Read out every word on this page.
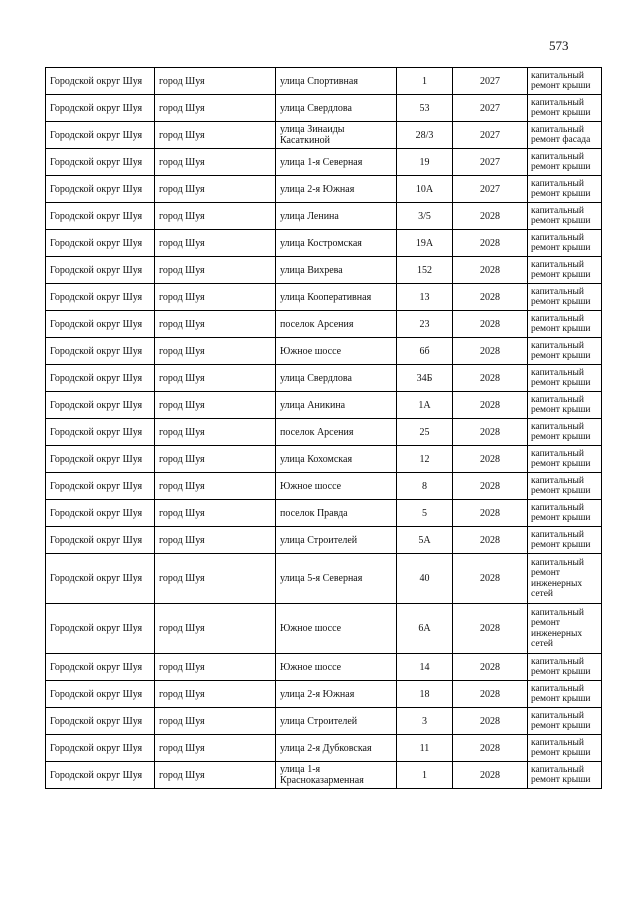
573
Городской округ Шуя	город Шуя	улица Спортивная	1	2027	капитальный ремонт крыши
Городской округ Шуя	город Шуя	улица Свердлова	53	2027	капитальный ремонт крыши
Городской округ Шуя	город Шуя	улица Зинаиды Касаткиной	28/3	2027	капитальный ремонт фасада
Городской округ Шуя	город Шуя	улица 1-я Северная	19	2027	капитальный ремонт крыши
Городской округ Шуя	город Шуя	улица 2-я Южная	10А	2027	капитальный ремонт крыши
Городской округ Шуя	город Шуя	улица Ленина	3/5	2028	капитальный ремонт крыши
Городской округ Шуя	город Шуя	улица Костромская	19А	2028	капитальный ремонт крыши
Городской округ Шуя	город Шуя	улица Вихрева	152	2028	капитальный ремонт крыши
Городской округ Шуя	город Шуя	улица Кооперативная	13	2028	капитальный ремонт крыши
Городской округ Шуя	город Шуя	поселок Арсения	23	2028	капитальный ремонт крыши
Городской округ Шуя	город Шуя	Южное шоссе	6б	2028	капитальный ремонт крыши
Городской округ Шуя	город Шуя	улица Свердлова	34Б	2028	капитальный ремонт крыши
Городской округ Шуя	город Шуя	улица Аникина	1А	2028	капитальный ремонт крыши
Городской округ Шуя	город Шуя	поселок Арсения	25	2028	капитальный ремонт крыши
Городской округ Шуя	город Шуя	улица Кохомская	12	2028	капитальный ремонт крыши
Городской округ Шуя	город Шуя	Южное шоссе	8	2028	капитальный ремонт крыши
Городской округ Шуя	город Шуя	поселок Правда	5	2028	капитальный ремонт крыши
Городской округ Шуя	город Шуя	улица Строителей	5А	2028	капитальный ремонт крыши
Городской округ Шуя	город Шуя	улица 5-я Северная	40	2028	капитальный ремонт инженерных сетей
Городской округ Шуя	город Шуя	Южное шоссе	6А	2028	капитальный ремонт инженерных сетей
Городской округ Шуя	город Шуя	Южное шоссе	14	2028	капитальный ремонт крыши
Городской округ Шуя	город Шуя	улица 2-я Южная	18	2028	капитальный ремонт крыши
Городской округ Шуя	город Шуя	улица Строителей	3	2028	капитальный ремонт крыши
Городской округ Шуя	город Шуя	улица 2-я Дубковская	11	2028	капитальный ремонт крыши
Городской округ Шуя	город Шуя	улица 1-я Красноказарменная	1	2028	капитальный ремонт крыши
